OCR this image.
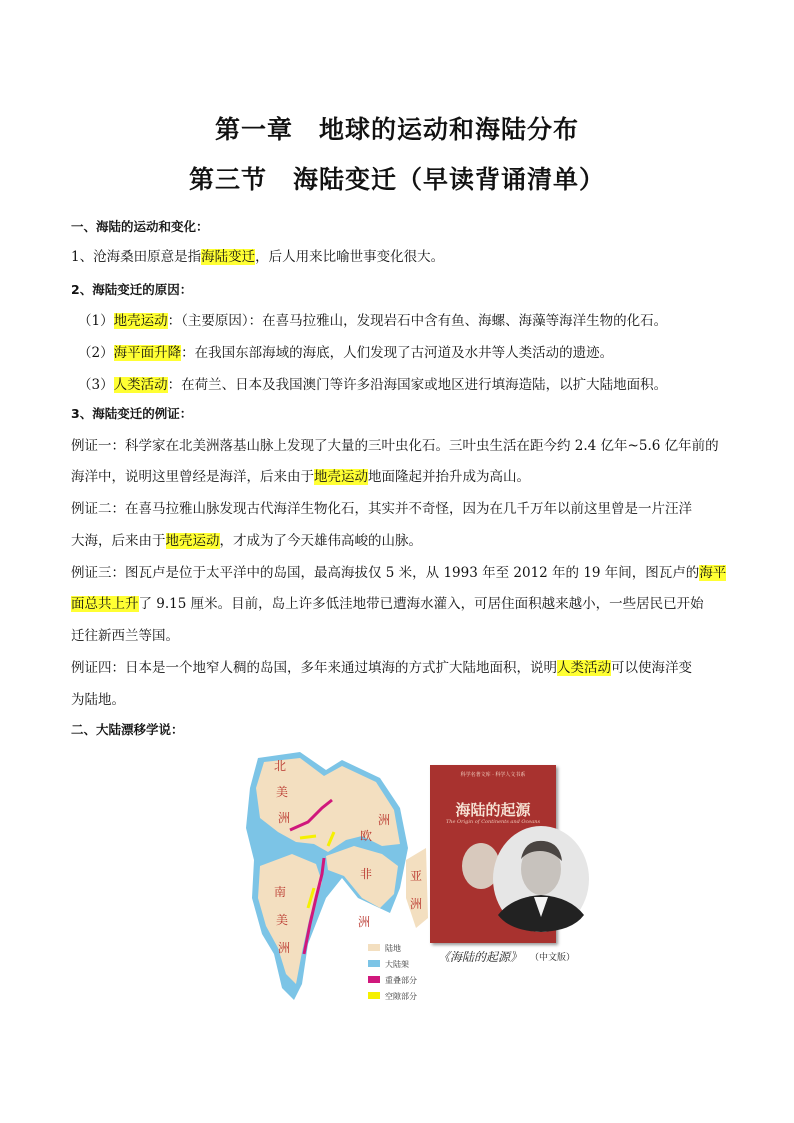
第一章　地球的运动和海陆分布
第三节　海陆变迁（早读背诵清单）
一、海陆的运动和变化：
1、沧海桑田原意是指海陆变迁，后人用来比喻世事变化很大。
2、海陆变迁的原因：
（1）地壳运动：（主要原因）：在喜马拉雅山，发现岩石中含有鱼、海螺、海藻等海洋生物的化石。
（2）海平面升降：在我国东部海域的海底，人们发现了古河道及水井等人类活动的遗迹。
（3）人类活动：在荷兰、日本及我国澳门等许多沿海国家或地区进行填海造陆，以扩大陆地面积。
3、海陆变迁的例证：
例证一：科学家在北美洲落基山脉上发现了大量的三叶虫化石。三叶虫生活在距今约 2.4 亿年~5.6 亿年前的
海洋中，说明这里曾经是海洋，后来由于地壳运动地面隆起并抬升成为高山。
例证二：在喜马拉雅山脉发现古代海洋生物化石，其实并不奇怪，因为在几千万年以前这里曾是一片汪洋
大海，后来由于地壳运动，才成为了今天雄伟高峻的山脉。
例证三：图瓦卢是位于太平洋中的岛国，最高海拔仅 5 米，从 1993 年至 2012 年的 19 年间，图瓦卢的海平
面总共上升了 9.15 厘米。目前，岛上许多低洼地带已遭海水灌入，可居住面积越来越小，一些居民已开始
迁往新西兰等国。
例证四：日本是一个地窄人稠的岛国，多年来通过填海的方式扩大陆地面积，说明人类活动可以使海洋变
为陆地。
二、大陆漂移学说：
北
美
洲
欧
洲
非
洲
亚
洲
南
美
洲	陆地
大陆架
重叠部分
空隙部分
科学名著文库 · 科学人文书系
海陆的起源
The Origin of Continents and Oceans
《海陆的起源》 （中文版）
